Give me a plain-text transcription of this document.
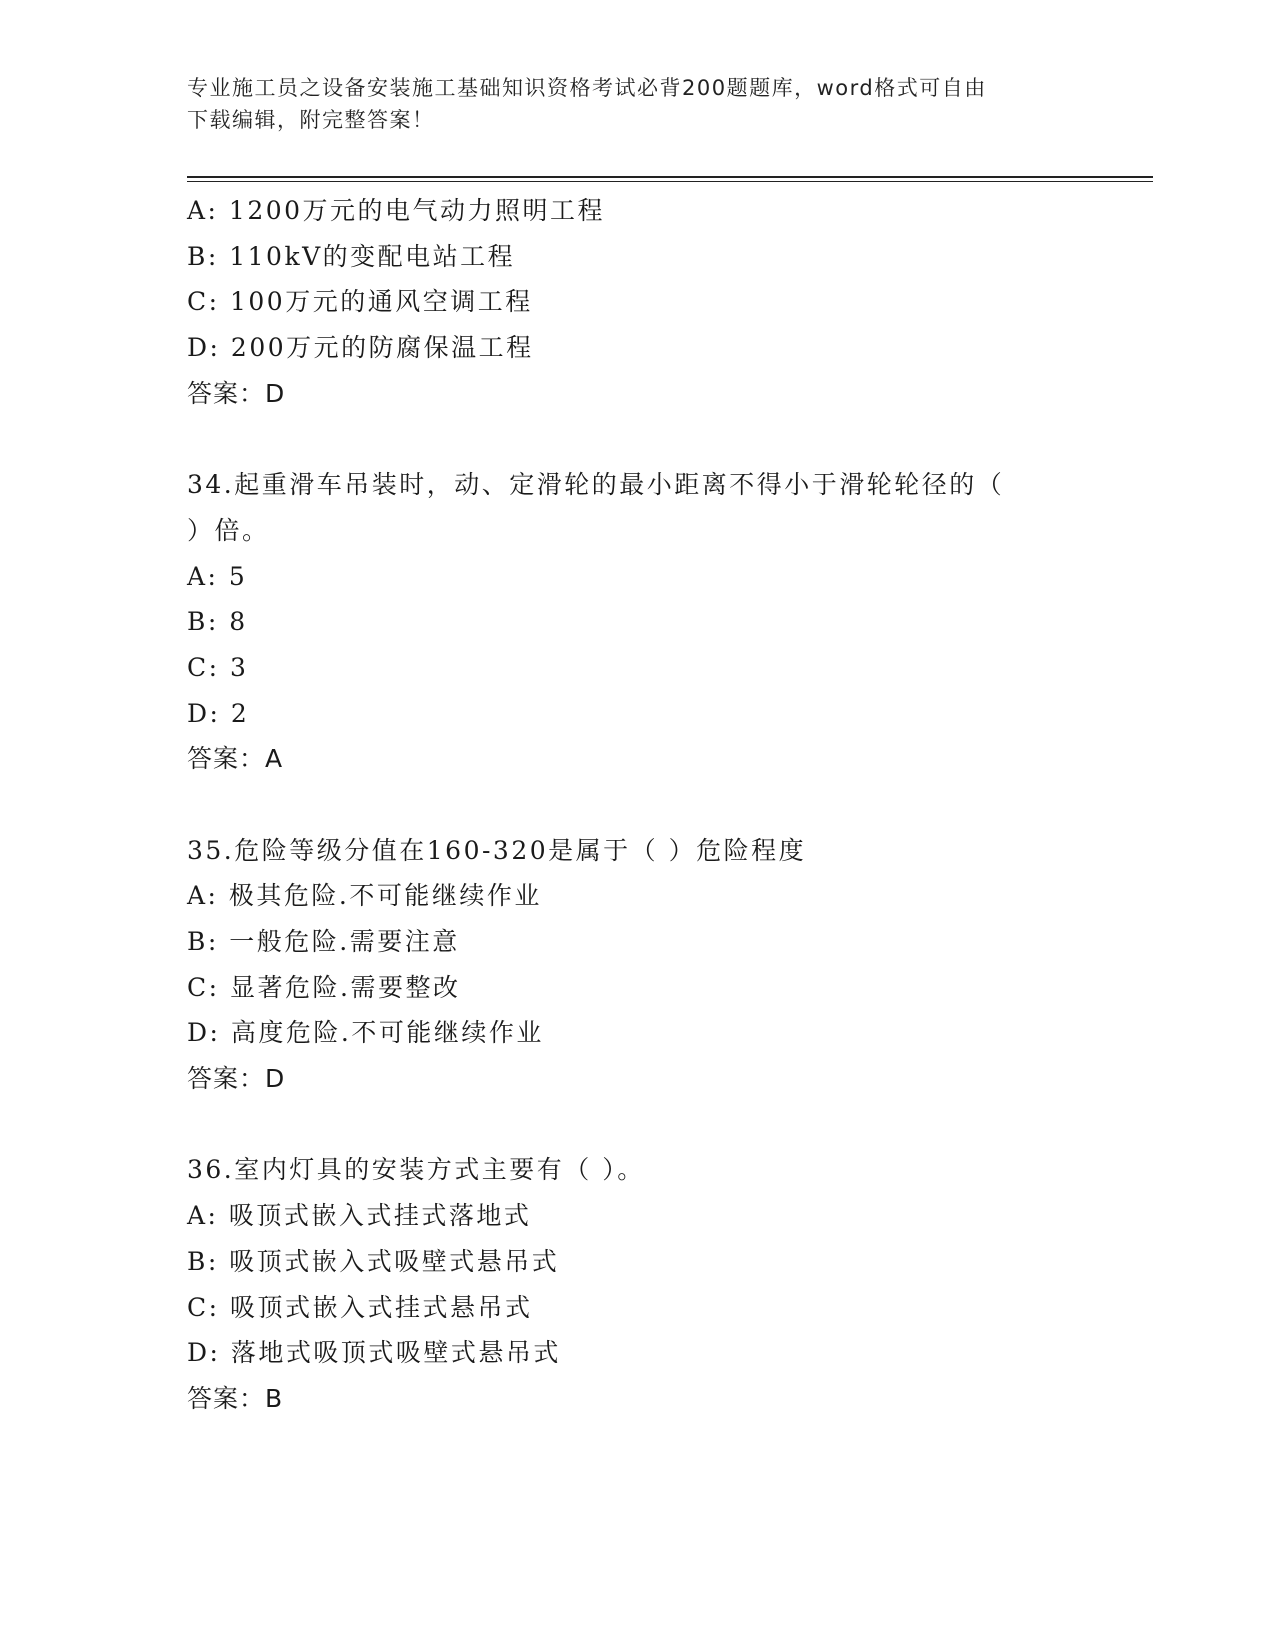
专业施工员之设备安装施工基础知识资格考试必背200题题库，word格式可自由
下载编辑，附完整答案！
A: 1200万元的电气动力照明工程
B: 110kV的变配电站工程
C: 100万元的通风空调工程
D: 200万元的防腐保温工程
答案：D
34.起重滑车吊装时，动、定滑轮的最小距离不得小于滑轮轮径的（
）倍。
A: 5
B: 8
C: 3
D: 2
答案：A
35.危险等级分值在160-320是属于（ ）危险程度
A: 极其危险.不可能继续作业
B: 一般危险.需要注意
C: 显著危险.需要整改
D: 高度危险.不可能继续作业
答案：D
36.室内灯具的安装方式主要有（ ）。
A: 吸顶式嵌入式挂式落地式
B: 吸顶式嵌入式吸壁式悬吊式
C: 吸顶式嵌入式挂式悬吊式
D: 落地式吸顶式吸壁式悬吊式
答案：B
